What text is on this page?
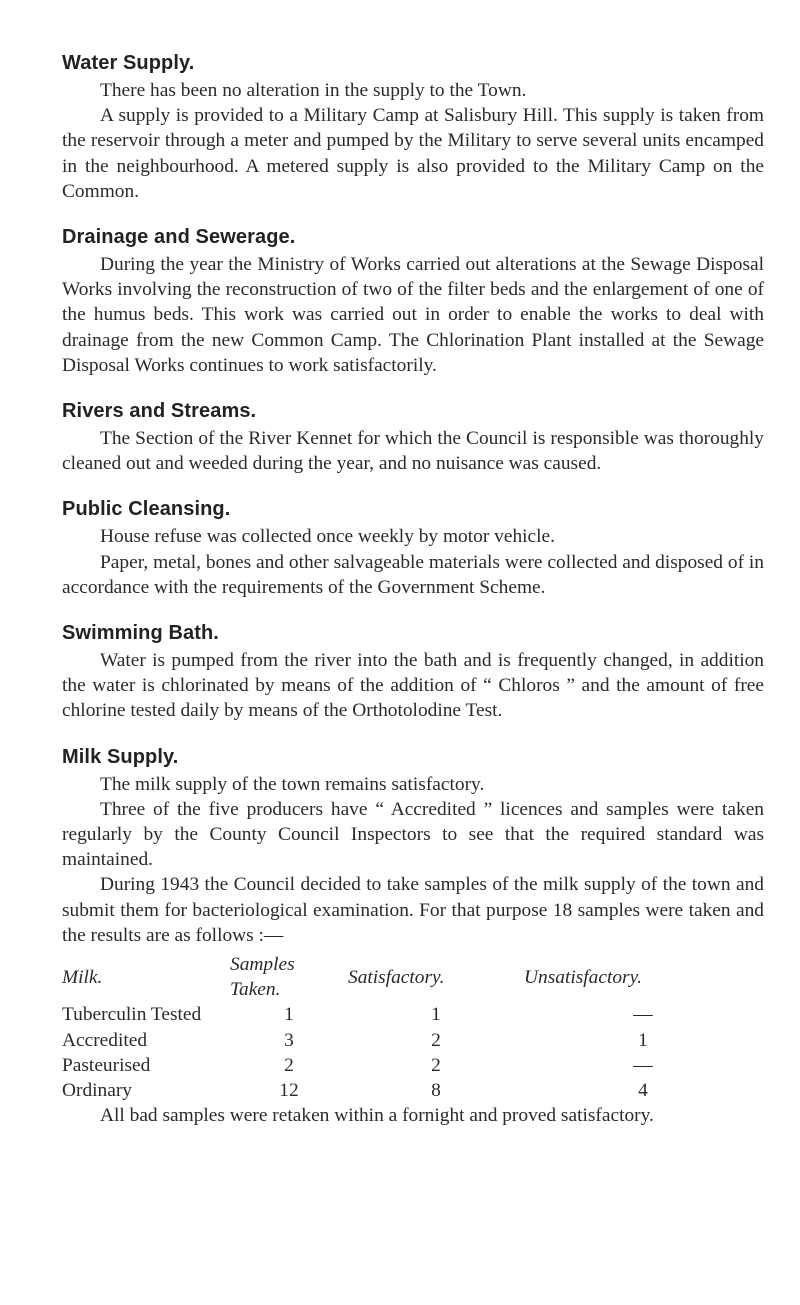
Water Supply.

There has been no alteration in the supply to the Town.

A supply is provided to a Military Camp at Salisbury Hill. This supply is taken from the reservoir through a meter and pumped by the Military to serve several units encamped in the neighbourhood. A metered supply is also provided to the Military Camp on the Common.

Drainage and Sewerage.

During the year the Ministry of Works carried out alterations at the Sewage Disposal Works involving the reconstruction of two of the filter beds and the enlargement of one of the humus beds. This work was carried out in order to enable the works to deal with drainage from the new Common Camp. The Chlorination Plant installed at the Sewage Disposal Works continues to work satisfactorily.

Rivers and Streams.

The Section of the River Kennet for which the Council is responsible was thoroughly cleaned out and weeded during the year, and no nuisance was caused.

Public Cleansing.

House refuse was collected once weekly by motor vehicle.

Paper, metal, bones and other salvageable materials were collected and disposed of in accordance with the requirements of the Government Scheme.

Swimming Bath.

Water is pumped from the river into the bath and is frequently changed, in addition the water is chlorinated by means of the addition of “ Chloros ” and the amount of free chlorine tested daily by means of the Orthotolodine Test.

Milk Supply.

The milk supply of the town remains satisfactory.

Three of the five producers have “ Accredited ” licences and samples were taken regularly by the County Council Inspectors to see that the required standard was maintained.

During 1943 the Council decided to take samples of the milk supply of the town and submit them for bacteriological examination. For that purpose 18 samples were taken and the results are as follows :—

Milk.	Samples Taken.	Satisfactory.	Unsatisfactory.
Tuberculin Tested	1	1	—
Accredited	3	2	1
Pasteurised	2	2	—
Ordinary	12	8	4

All bad samples were retaken within a fornight and proved satisfactory.
